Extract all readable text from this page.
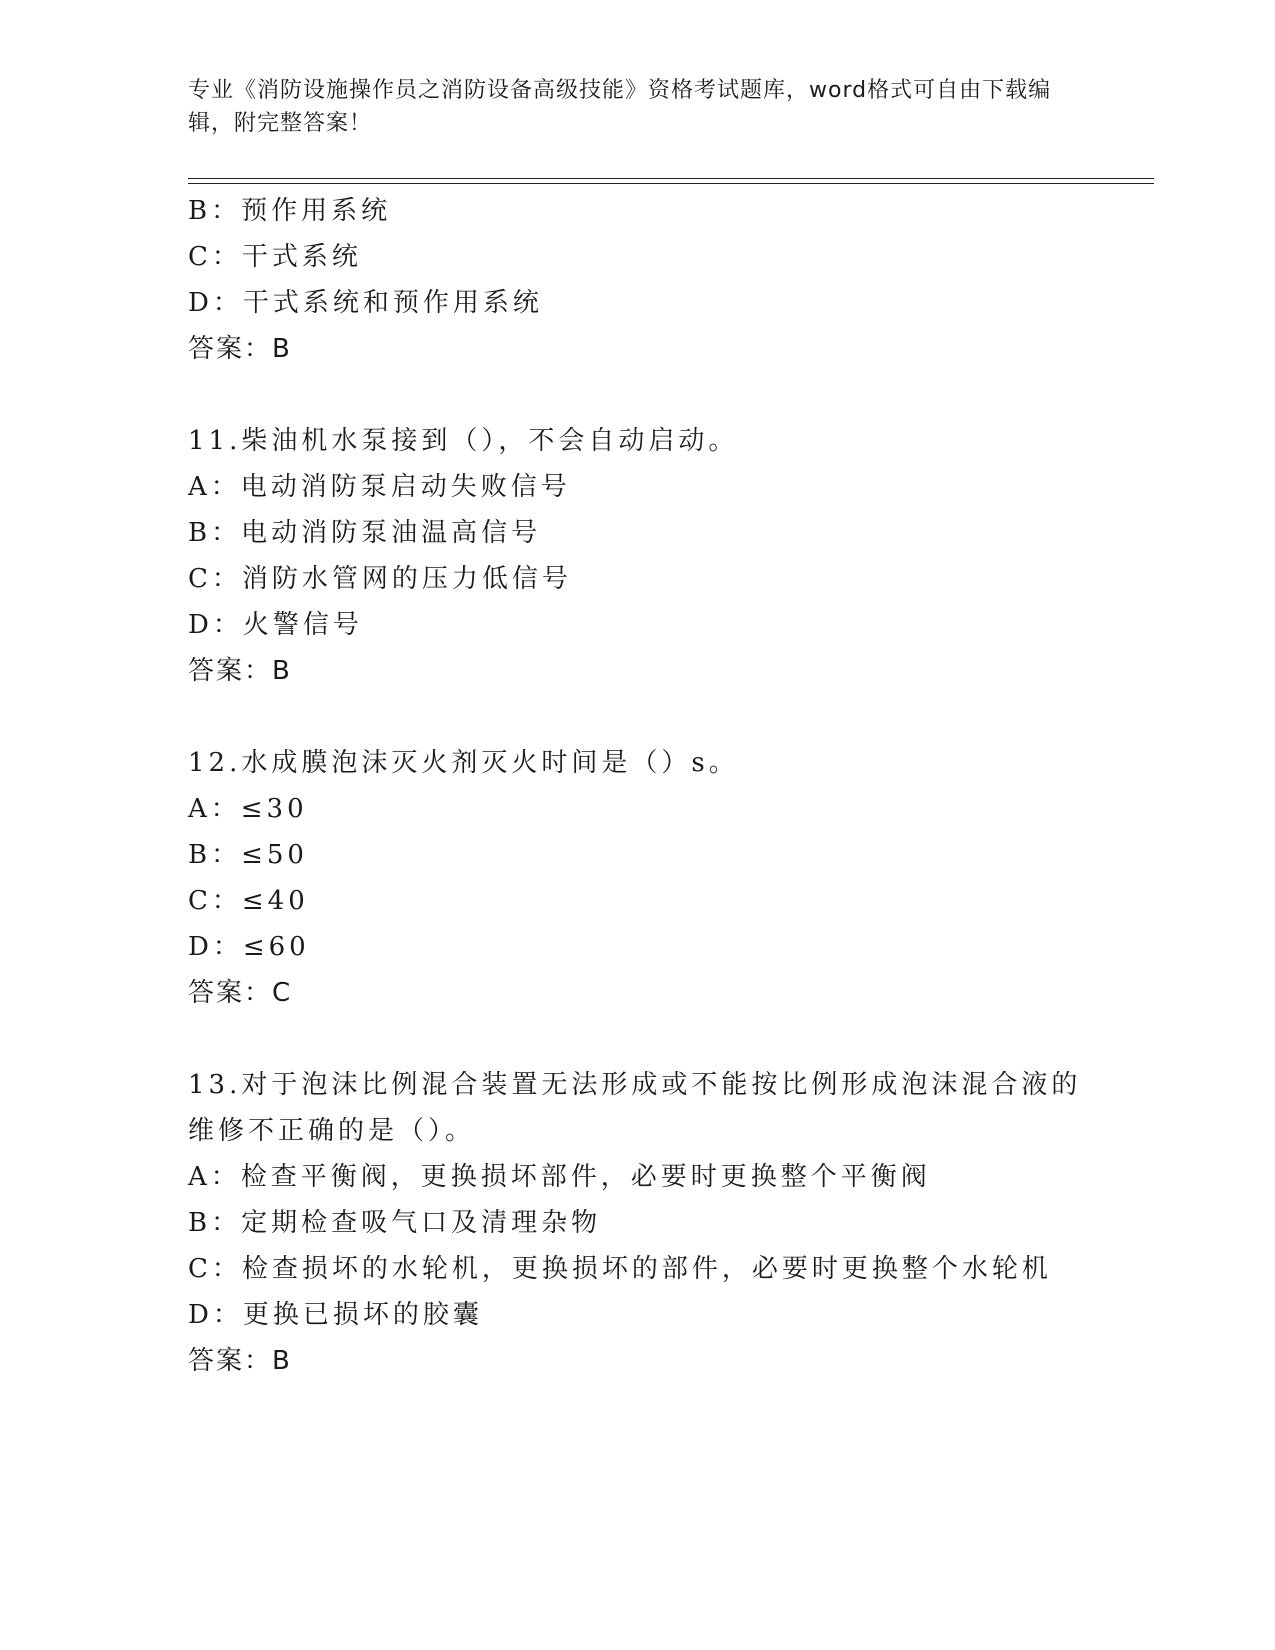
专业《消防设施操作员之消防设备高级技能》资格考试题库，word格式可自由下载编辑，附完整答案！
B：预作用系统
C：干式系统
D：干式系统和预作用系统
答案：B
11.柴油机水泵接到（），不会自动启动。
A：电动消防泵启动失败信号
B：电动消防泵油温高信号
C：消防水管网的压力低信号
D：火警信号
答案：B
12.水成膜泡沫灭火剂灭火时间是（）s。
A：≤30
B：≤50
C：≤40
D：≤60
答案：C
13.对于泡沫比例混合装置无法形成或不能按比例形成泡沫混合液的维修不正确的是（）。
A：检查平衡阀，更换损坏部件，必要时更换整个平衡阀
B：定期检查吸气口及清理杂物
C：检查损坏的水轮机，更换损坏的部件，必要时更换整个水轮机
D：更换已损坏的胶囊
答案：B
